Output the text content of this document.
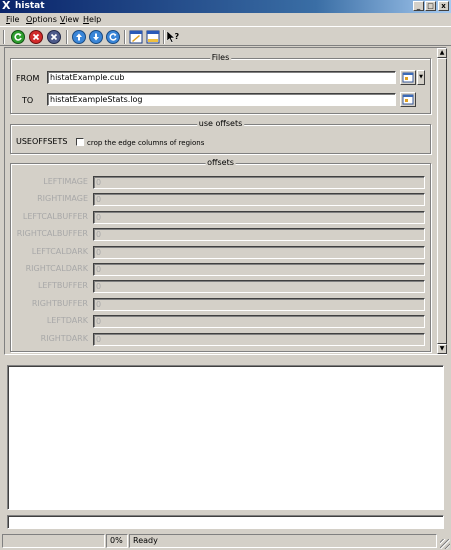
X histat	_ □	x
File Options View Help
?
Files
FROM	histatExample.cub	▼
TO	histatExampleStats.log
use offsets
USEOFFSETS	crop the edge columns of regions
offsets
LEFTIMAGE	0
RIGHTIMAGE	0
LEFTCALBUFFER	0
RIGHTCALBUFFER	0
LEFTCALDARK	0
RIGHTCALDARK	0
LEFTBUFFER	0
RIGHTBUFFER	0
LEFTDARK	0
RIGHTDARK	0
▲
▼
0%	Ready
